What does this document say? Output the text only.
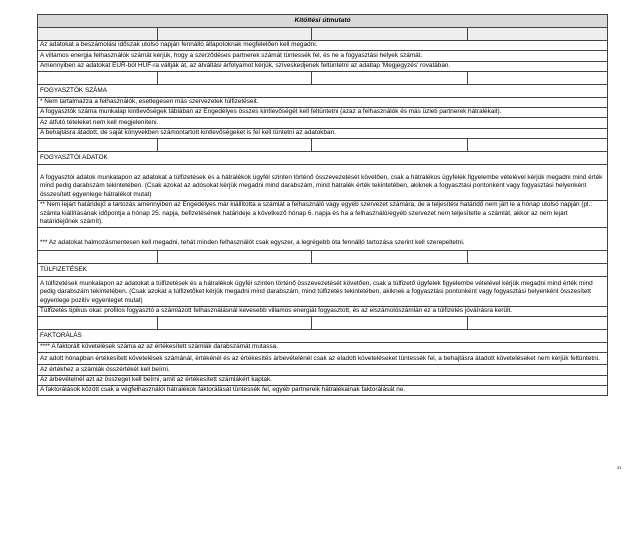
Kitöltési útmutató			

Az adatokat a beszámolási időszak utolsó napján fennálló állapotoknak megfelelően kell megadni.			
A villamos energia felhasználók számát kérjük, hogy a szerződéses partnerek számát tüntessék fel, és ne a fogyasztási helyek számát.			
Amennyiben az adatokat EUR-ból HUF-ra váltják át, az átváltási árfolyamot kérjük, szíveskedjenek feltüntetni az adatlap 'Megjegyzés' rovatában.			

FOGYASZTÓK SZÁMA			
* Nem tartalmazza a felhasználók, esetlegesen más szervezetek túlfizetéseit.			
A fogyasztók száma munkalap kintlevőségek táblában az Engedélyes összes kintlevőségét kell feltüntetni (azaz a felhasználók és más üzleti partnerek hátralékait).			
Az átfutó tételeket nem kell megjeleníteni.			
A behajtásra átadott, de saját könyvekben számontartott kintlevőségeket is fel kell tüntetni az adatokban.			

FOGYASZTÓI ADATOK			
A fogyasztói adatok munkalapon az adatokat a túlfizetések és a hátralékok ügyfél szinten történő összevezetését követően, csak a hátralékos ügyfelek figyelembe vételével kérjük megadni mind érték mind pedig darabszám tekintetében. (Csak azokat az adósokat kérjük megadni mind darabszám, mind hátralék érték tekintetében, akiknek a fogyasztási pontonként vagy fogyasztási helyenként összesített egyenlege hátralékot mutat)			
** Nem lejárt határidejű a tartozás amennyiben az Engedélyes már kiállította a számlát a felhasználó vagy egyéb szervezet számára, de a teljesítési határidő nem járt le a hónap utolsó napján (pl.: számla kiállításának időpontja a hónap 25. napja, befizetésének határideje a következő hónap 6. napja és ha a felhasználó/egyéb szervezet nem teljesítette a számlát, akkor az nem lejárt határidejűnek számít).			
*** Az adatokat halmozásmentesen kell megadni, tehát minden felhasználót csak egyszer, a legrégebb óta fennálló tartozása szerint kell szerepeltetni.			

TÚLFIZETÉSEK			
A túlfizetések munkalapon az adatokat a túlfizetések és a hátralékok ügyfél szinten történő összevezetését követően, csak a túlfizető ügyfelek figyelembe vételével kérjük megadni mind érték mind pedig darabszám tekintetében. (Csak azokat a túlfizetőket kérjük megadni mind darabszám, mind túlfizetés tekintetében, akiknek a fogyasztási pontonként vagy fogyasztási helyenként összesített egyenlege pozitív egyenleget mutat)			
Túlfizetés tipikus okai: profilos fogyasztó a számlázott felhasználásnál kevesebb villamos energiát fogyasztott, és az elszámolószámlán ez a túlfizetés jóváírásra került.			

FAKTORÁLÁS			
**** A faktorált követelések száma az az értékesített számlák darabszámát mutassa.			
Az adott hónapban értékesített követelések számánál, értékénél és az értékesítés árbevételénél csak az eladott követeléseket tüntessék fel, a behajtásra átadott követeléseket nem kérjük feltüntetni.			
Az értékhez a számlák összértékét kell beírni.			
Az árbevételnél azt az összeget kell beírni, amit az értékesített számlákért kaptak.			
A faktorálások között csak a végfelhasználói hátralékok faktorálását tüntessék fel, egyéb partnereik hátralékainak faktorálását ne.			
31
